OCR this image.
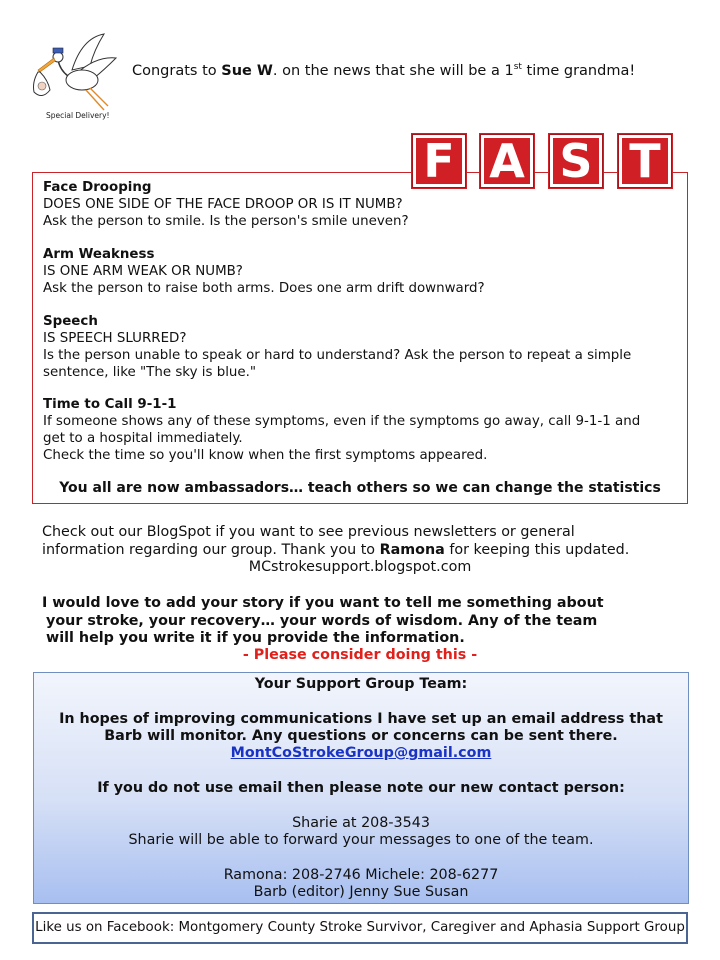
Special Delivery!
Congrats to Sue W. on the news that she will be a 1st time grandma!
Face Drooping
DOES ONE SIDE OF THE FACE DROOP OR IS IT NUMB?
Ask the person to smile. Is the person's smile uneven?
Arm Weakness
IS ONE ARM WEAK OR NUMB?
Ask the person to raise both arms. Does one arm drift downward?
Speech
IS SPEECH SLURRED?
Is the person unable to speak or hard to understand? Ask the person to repeat a simple
sentence, like "The sky is blue."
Time to Call 9-1-1
If someone shows any of these symptoms, even if the symptoms go away, call 9-1-1 and
get to a hospital immediately.
Check the time so you'll know when the first symptoms appeared.
You all are now ambassadors… teach others so we can change the statistics
F A S T
Check out our BlogSpot if you want to see previous newsletters or general
information regarding our group. Thank you to Ramona for keeping this updated.
MCstrokesupport.blogspot.com
I would love to add your story if you want to tell me something about
your stroke, your recovery… your words of wisdom. Any of the team
will help you write it if you provide the information.
- Please consider doing this -
Your Support Group Team:
In hopes of improving communications I have set up an email address that
Barb will monitor. Any questions or concerns can be sent there.
MontCoStrokeGroup@gmail.com
If you do not use email then please note our new contact person:
Sharie at 208-3543
Sharie will be able to forward your messages to one of the team.
Ramona: 208-2746 Michele: 208-6277
Barb (editor) Jenny Sue Susan
Like us on Facebook: Montgomery County Stroke Survivor, Caregiver and Aphasia Support Group
